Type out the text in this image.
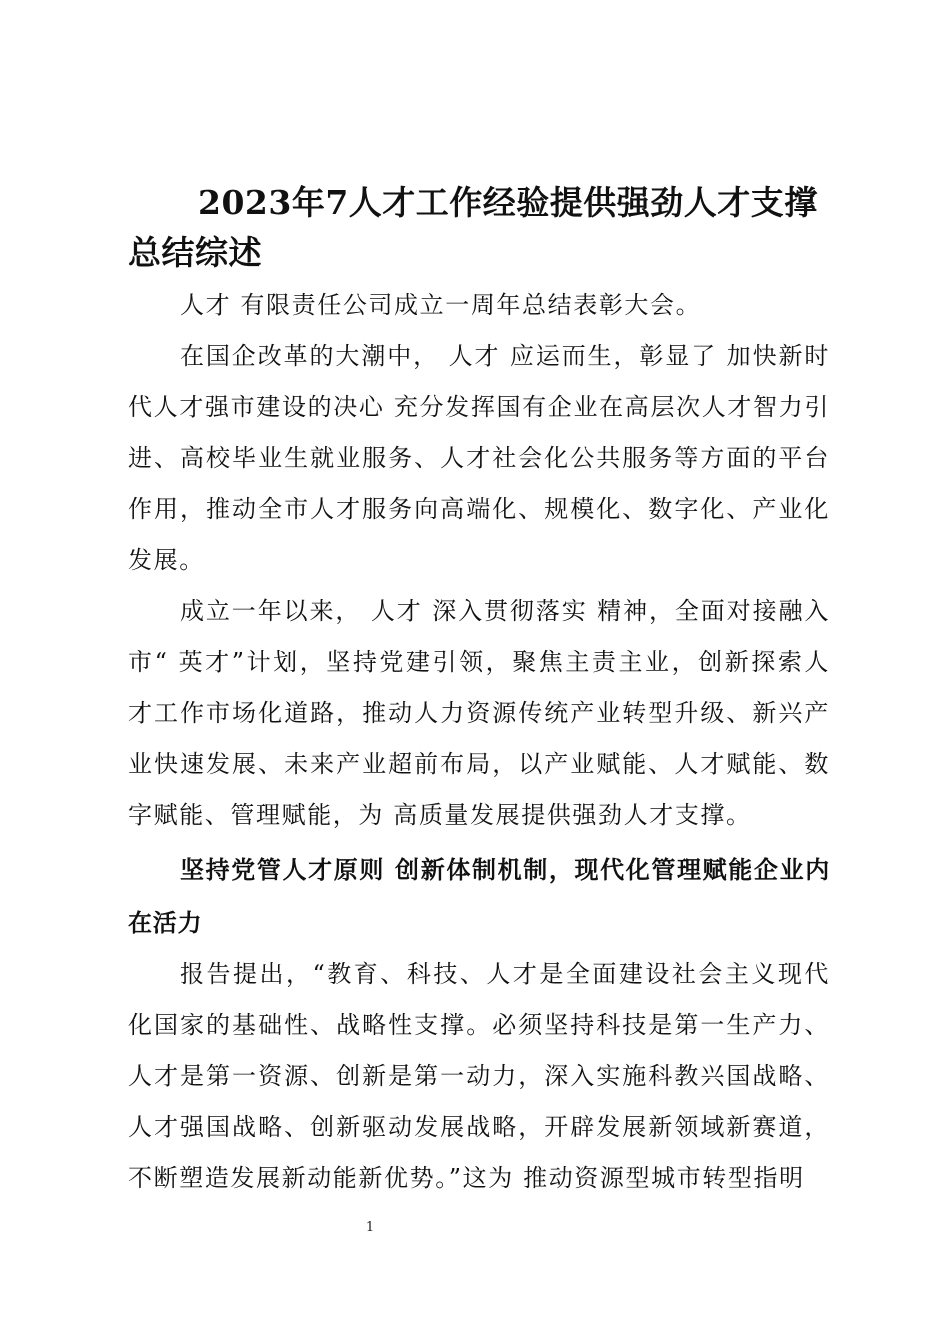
2023年7人才工作经验提供强劲人才支撑总结综述

人才 有限责任公司成立一周年总结表彰大会。

在国企改革的大潮中， 人才 应运而生，彰显了 加快新时代人才强市建设的决心 充分发挥国有企业在高层次人才智力引进、高校毕业生就业服务、人才社会化公共服务等方面的平台作用，推动全市人才服务向高端化、规模化、数字化、产业化发展。

成立一年以来， 人才 深入贯彻落实 精神，全面对接融入 市“ 英才”计划，坚持党建引领，聚焦主责主业，创新探索人才工作市场化道路，推动人力资源传统产业转型升级、新兴产业快速发展、未来产业超前布局，以产业赋能、人才赋能、数字赋能、管理赋能，为 高质量发展提供强劲人才支撑。

坚持党管人才原则 创新体制机制，现代化管理赋能企业内在活力

报告提出，“教育、科技、人才是全面建设社会主义现代化国家的基础性、战略性支撑。必须坚持科技是第一生产力、人才是第一资源、创新是第一动力，深入实施科教兴国战略、人才强国战略、创新驱动发展战略，开辟发展新领域新赛道，不断塑造发展新动能新优势。”这为 推动资源型城市转型指明

1
